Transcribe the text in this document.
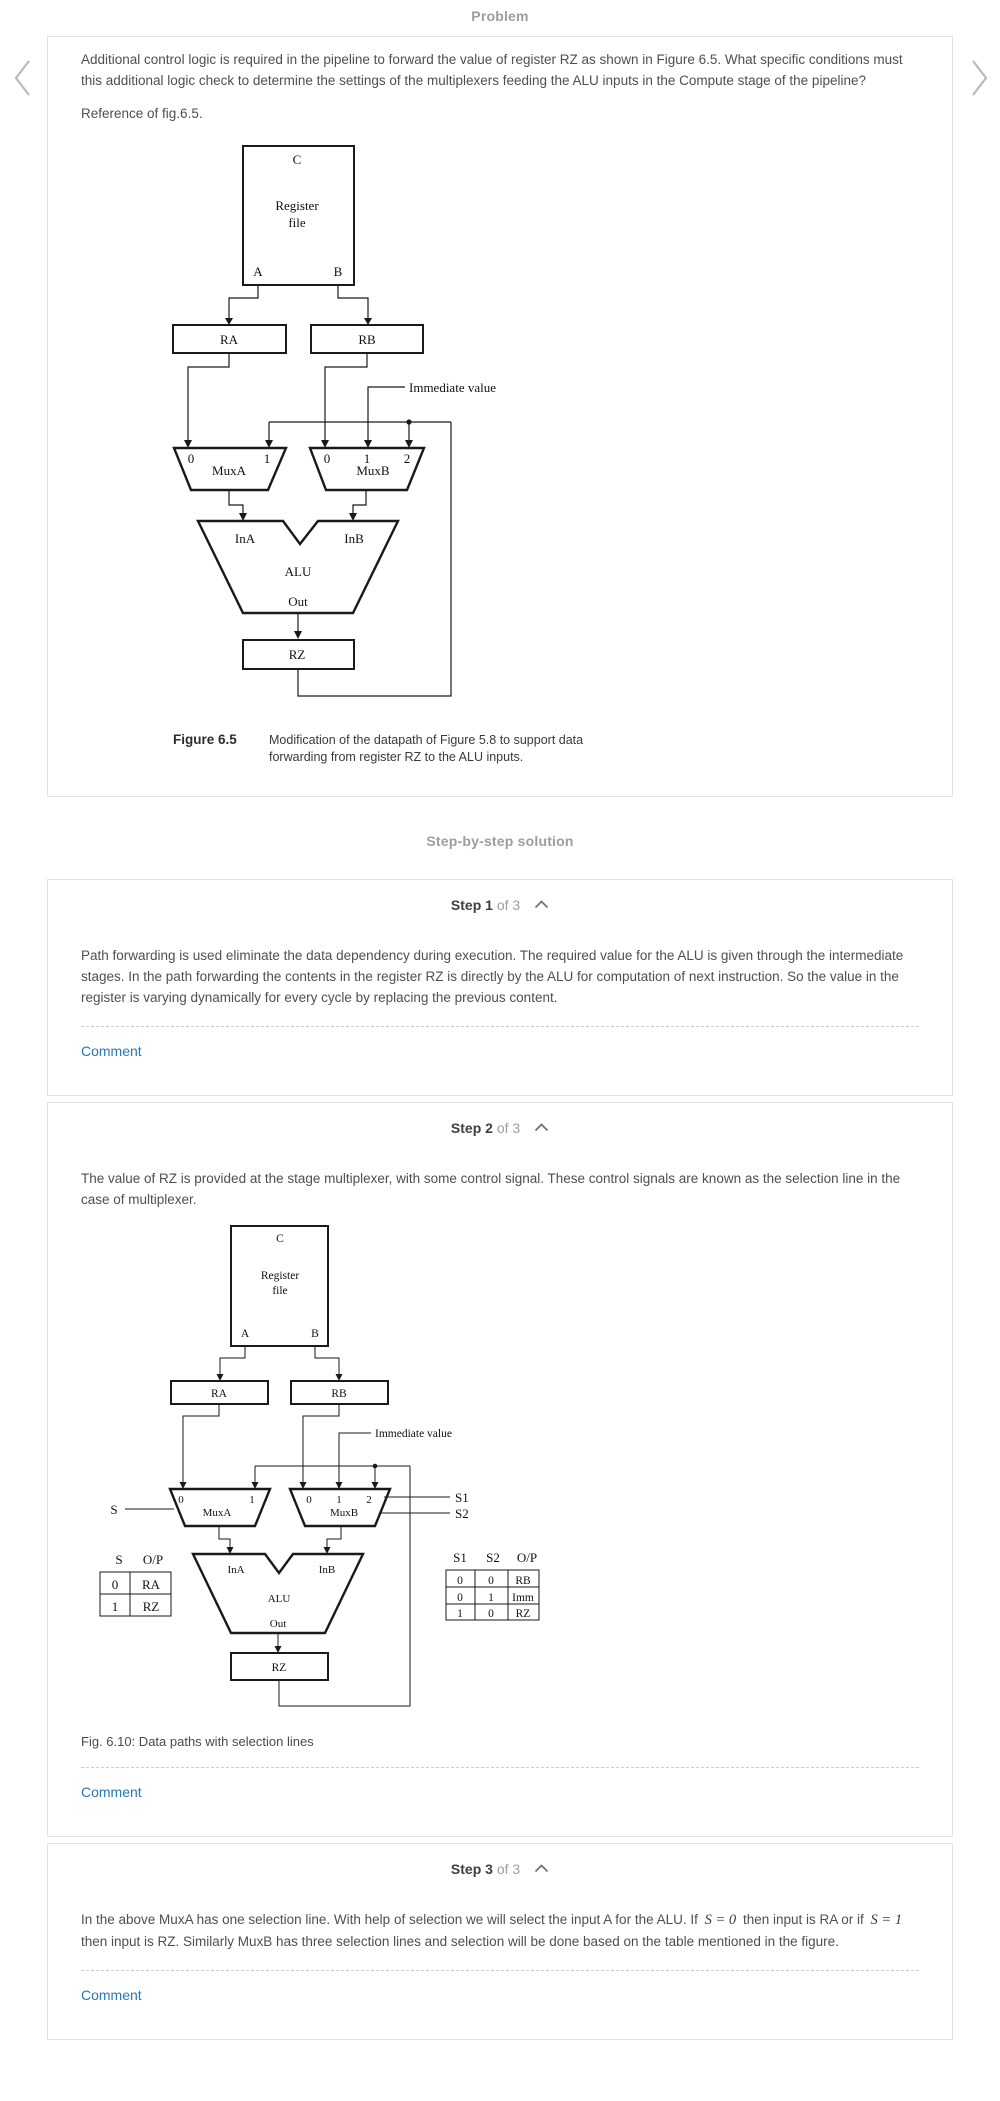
Problem

Additional control logic is required in the pipeline to forward the value of register RZ as shown in Figure 6.5. What specific conditions must this additional logic check to determine the settings of the multiplexers feeding the ALU inputs in the Compute stage of the pipeline?

Reference of fig.6.5.

C
Register
file
A	B
RA	RB
Immediate value
0	1
MuxA
0	1	2
MuxB
InA	InB
ALU
Out
RZ
Figure 6.5	Modification of the datapath of Figure 5.8 to support data forwarding from register RZ to the ALU inputs.
Step-by-step solution
Step 1 of 3

Path forwarding is used eliminate the data dependency during execution. The required value for the ALU is given through the intermediate stages. In the path forwarding the contents in the register RZ is directly by the ALU for computation of next instruction. So the value in the register is varying dynamically for every cycle by replacing the previous content.

Comment
Step 2 of 3

The value of RZ is provided at the stage multiplexer, with some control signal. These control signals are known as the selection line in the case of multiplexer.

C
Register
file
A	B
RA	RB
Immediate value
S
0	1
MuxA
0 1 2
MuxB
S1
S2
InA	InB
ALU
Out
RZ
S O/P
0 RA
1 RZ
S1 S2 O/P
0 0 RB
0 1 Imm
1 0 RZ

Fig. 6.10: Data paths with selection lines

Comment
Step 3 of 3

In the above MuxA has one selection line. With help of selection we will select the input A for the ALU. If S = 0 then input is RA or if S = 1 then input is RZ. Similarly MuxB has three selection lines and selection will be done based on the table mentioned in the figure.

Comment
